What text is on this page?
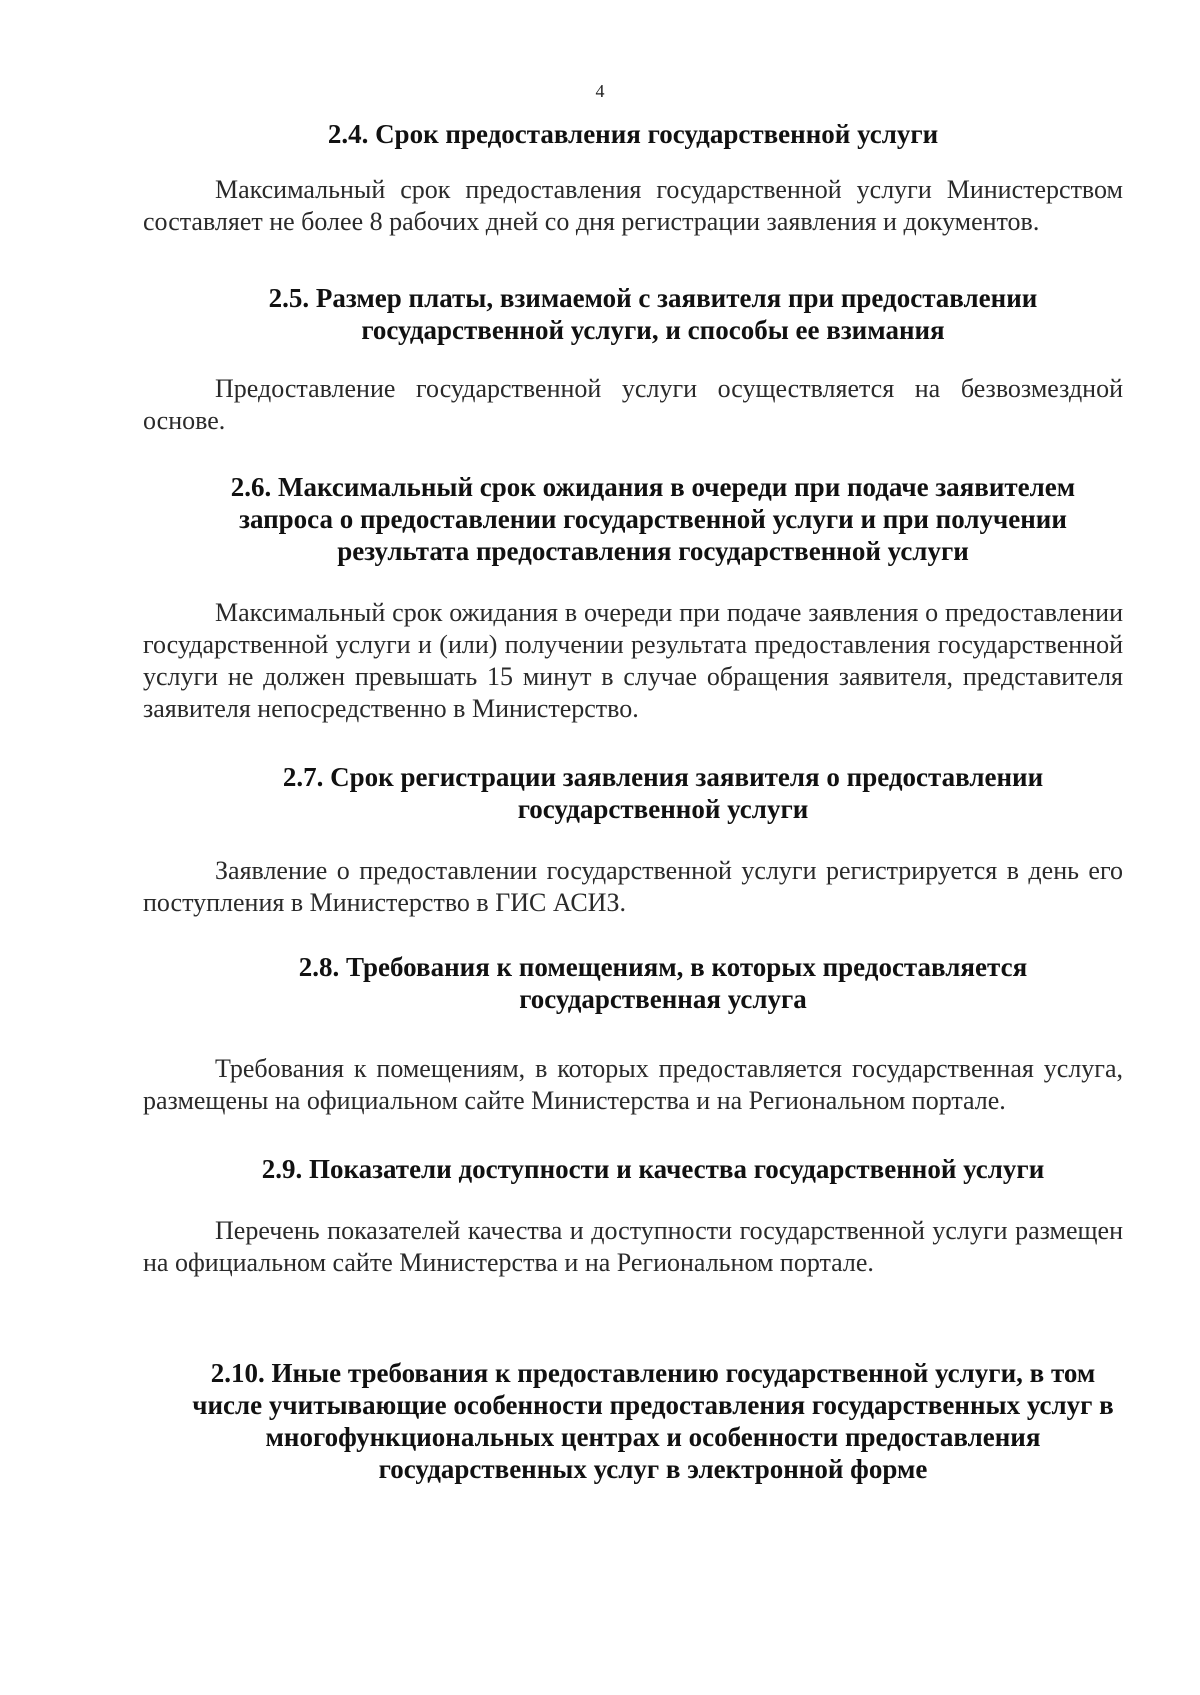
4

2.4. Срок предоставления государственной услуги

Максимальный срок предоставления государственной услуги Министерством составляет не более 8 рабочих дней со дня регистрации заявления и документов.

2.5. Размер платы, взимаемой с заявителя при предоставлении государственной услуги, и способы ее взимания

Предоставление государственной услуги осуществляется на безвозмездной основе.

2.6. Максимальный срок ожидания в очереди при подаче заявителем запроса о предоставлении государственной услуги и при получении результата предоставления государственной услуги

Максимальный срок ожидания в очереди при подаче заявления о предоставлении государственной услуги и (или) получении результата предоставления государственной услуги не должен превышать 15 минут в случае обращения заявителя, представителя заявителя непосредственно в Министерство.

2.7. Срок регистрации заявления заявителя о предоставлении государственной услуги

Заявление о предоставлении государственной услуги регистрируется в день его поступления в Министерство в ГИС АСИЗ.

2.8. Требования к помещениям, в которых предоставляется государственная услуга

Требования к помещениям, в которых предоставляется государственная услуга, размещены на официальном сайте Министерства и на Региональном портале.

2.9. Показатели доступности и качества государственной услуги

Перечень показателей качества и доступности государственной услуги размещен на официальном сайте Министерства и на Региональном портале.

2.10. Иные требования к предоставлению государственной услуги, в том числе учитывающие особенности предоставления государственных услуг в многофункциональных центрах и особенности предоставления государственных услуг в электронной форме
